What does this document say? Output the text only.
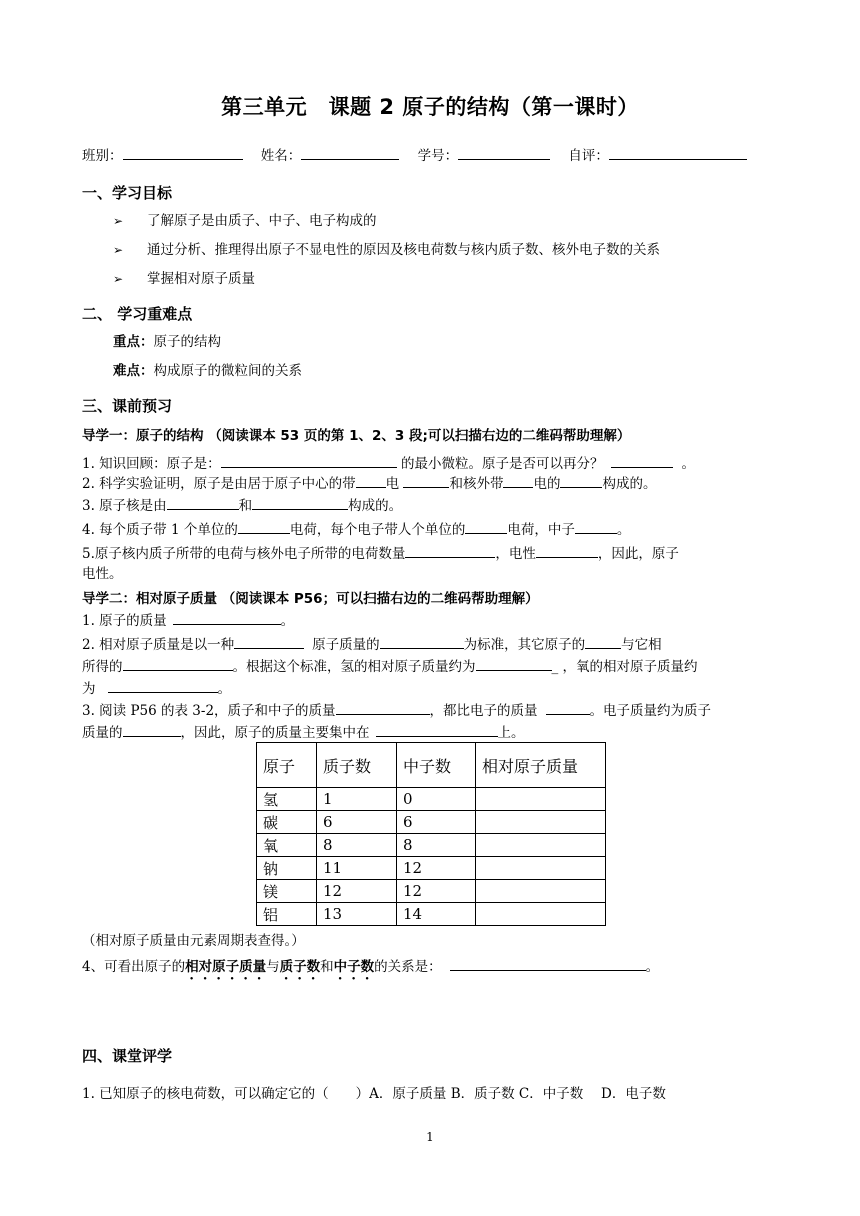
第三单元　课题 2 原子的结构（第一课时）
班别：	姓名：	学号：	自评：
一、学习目标
➢ 了解原子是由质子、中子、电子构成的
➢ 通过分析、推理得出原子不显电性的原因及核电荷数与核内质子数、核外电子数的关系
➢ 掌握相对原子质量
二、 学习重难点
重点：原子的结构
难点：构成原子的微粒间的关系
三、课前预习
导学一：原子的结构 （阅读课本 53 页的第 1、2、3 段;可以扫描右边的二维码帮助理解）
1. 知识回顾：原子是：	的最小微粒。原子是否可以再分？	。
2. 科学实验证明，原子是由居于原子中心的带 电	和核外带 电的	构成的。
3. 原子核是由	和	构成的。
4. 每个质子带 1 个单位的	电荷，每个电子带人个单位的	电荷，中子	。
5.原子核内质子所带的电荷与核外电子所带的电荷数量	，电性	，因此，原子
电性。
导学二：相对原子质量 （阅读课本 P56；可以扫描右边的二维码帮助理解）
1. 原子的质量	。
2. 相对原子质量是以一种	原子质量的	为标准，其它原子的	与它相
所得的	。根据这个标准，氢的相对原子质量约为	_ ，氧的相对原子质量约
为	。
3. 阅读 P56 的表 3-2，质子和中子的质量	，都比电子的质量	。电子质量约为质子
质量的	，因此，原子的质量主要集中在	上。
原子	质子数	中子数	相对原子质量
氢	1	0	
碳	6	6	
氧	8	8	
钠	11	12	
镁	12	12	
铝	13	14	
（相对原子质量由元素周期表查得。）
4、可看出原子的相对原子质量与质子数和中子数的关系是：	。
四、课堂评学
1. 已知原子的核电荷数，可以确定它的（　　）A．原子质量 B．质子数 C．中子数　 D．电子数
1
